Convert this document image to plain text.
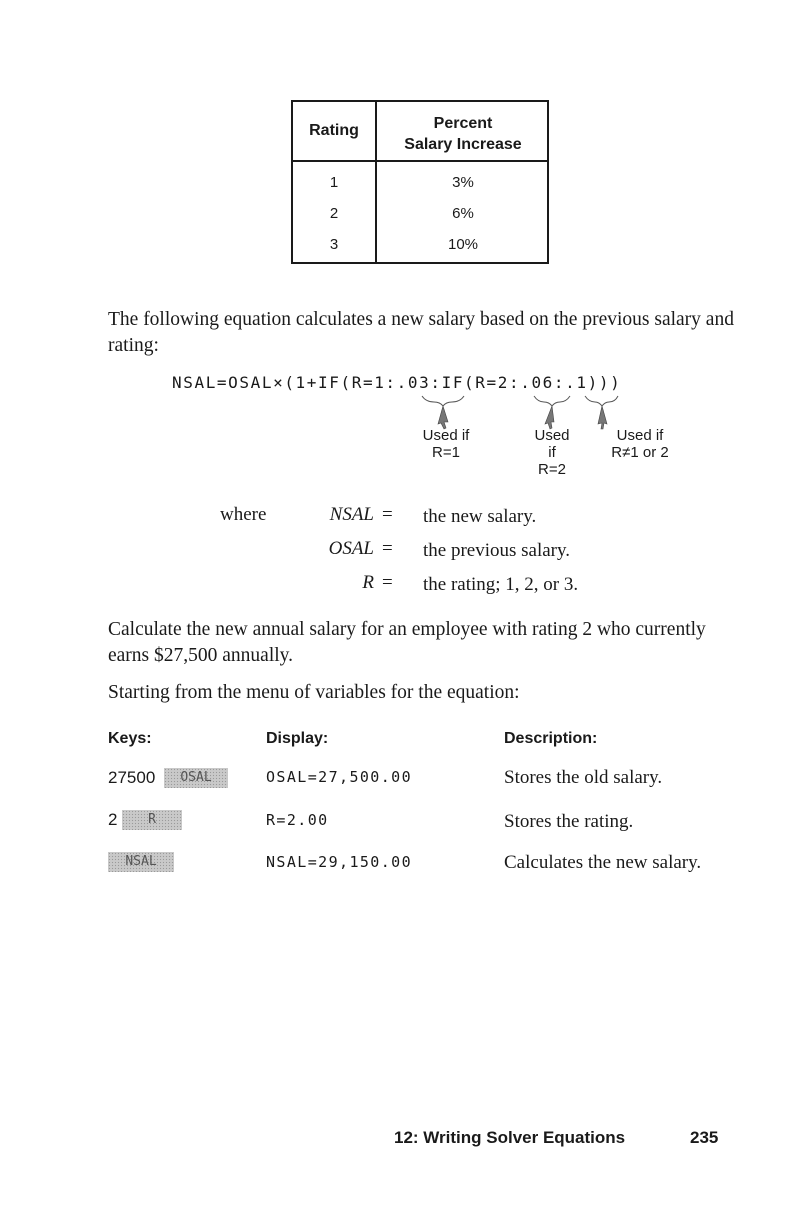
Rating	Percent
Salary Increase
1	3%
2	6%
3	10%
The following equation calculates a new salary based on the previous salary and rating:
NSAL=OSAL×(1+IF(R=1:.03:IF(R=2:.06:.1)))
Used if
R=1
Used
if
R=2
Used if
R≠1 or 2
where	NSAL = the new salary.
OSAL = the previous salary.
R = the rating; 1, 2, or 3.
Calculate the new annual salary for an employee with rating 2 who currently earns $27,500 annually.
Starting from the menu of variables for the equation:
Keys:	Display:	Description:
27500	OSAL	OSAL=27,500.00	Stores the old salary.
2	R	R=2.00	Stores the rating.
NSAL	NSAL=29,150.00	Calculates the new salary.
12: Writing Solver Equations	235
